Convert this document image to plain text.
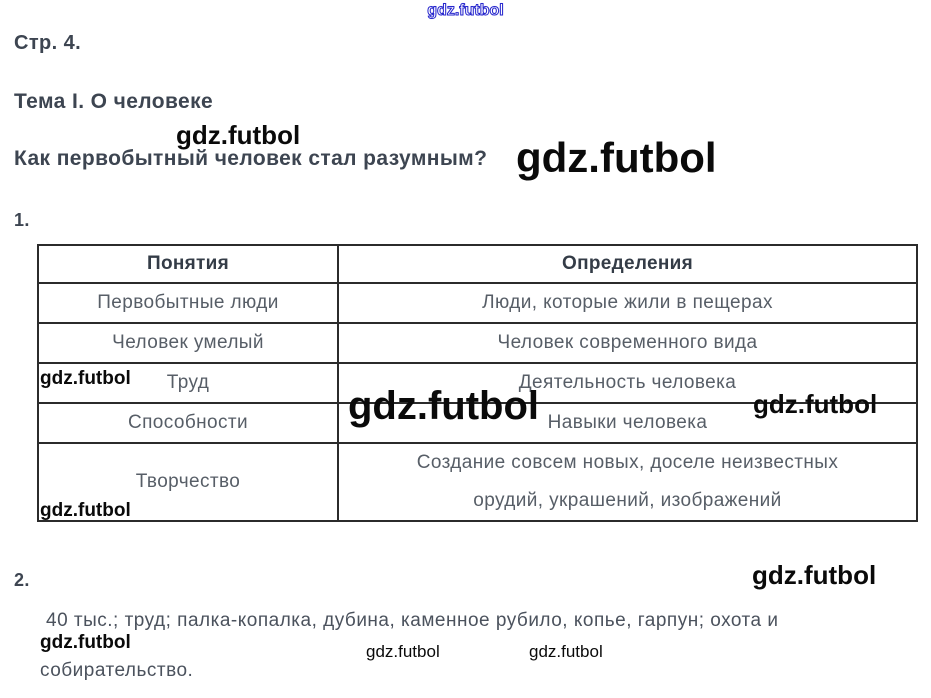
gdz.futbol
Стр. 4.
Тема I. О человеке
gdz.futbol
Как первобытный человек стал разумным? gdz.futbol
1.
Понятия	Определения
Первобытные люди	Люди, которые жили в пещерах
Человек умелый	Человек современного вида
Труд	Деятельность человека
Способности	Навыки человека
Творчество	Создание совсем новых, доселе неизвестных
орудий, украшений, изображений
gdz.futbol
gdz.futbol	gdz.futbol
gdz.futbol
2.	gdz.futbol
40 тыс.; труд; палка-копалка, дубина, каменное рубило, копье, гарпун; охота и
gdz.futbol	gdz.futbol	gdz.futbol
собирательство.
